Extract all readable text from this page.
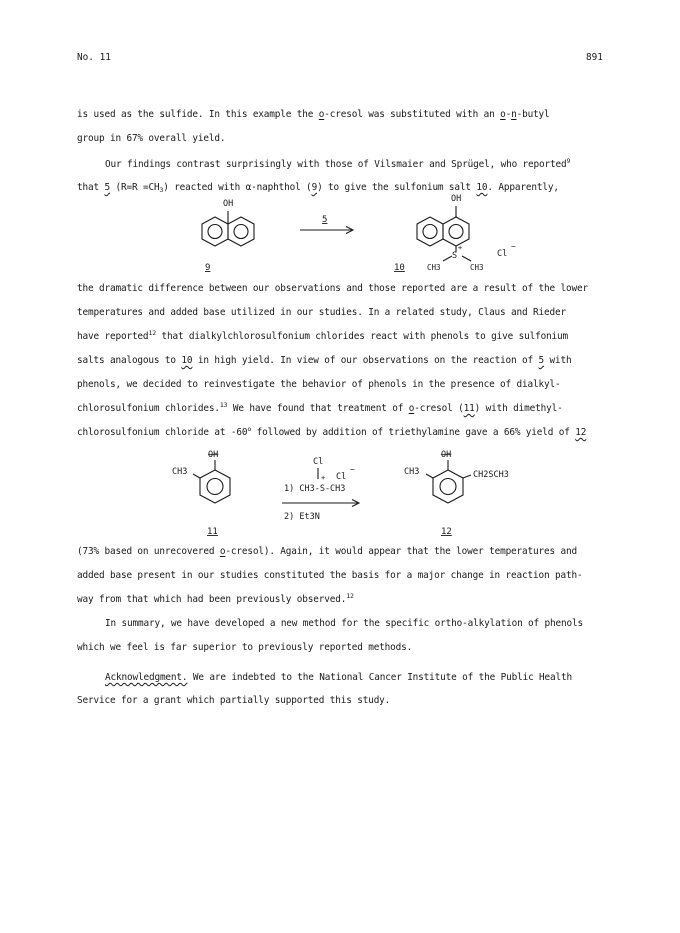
No. 11	891
is used as the sulfide. In this example the o-cresol was substituted with an o-n-butyl
group in 67% overall yield.
Our findings contrast surprisingly with those of Vilsmaier and Sprügel, who reported$^9$
that 5 $(R=R =CH_3)$ reacted with α-naphthol (9) to give the sulfonium salt 10. Apparently,
OH
5
OH
S
+
Cl
−
CH3	CH3
9	10
the dramatic difference between our observations and those reported are a result of the lower
temperatures and added base utilized in our studies. In a related study, Claus and Rieder
have reported$^{12}$ that dialkylchlorosulfonium chlorides react with phenols to give sulfonium
salts analogous to 10 in high yield. In view of our observations on the reaction of 5 with
phenols, we decided to reinvestigate the behavior of phenols in the presence of dialkyl-
chlorosulfonium chlorides.$^{13}$ We have found that treatment of o-cresol (11) with dimethyl-
chlorosulfonium chloride at -60$^o$ followed by addition of triethylamine gave a 66% yield of 12
OH
CH3
Cl
+
1) CH3-S-CH3
Cl
−
2) Et3N
OH
CH3	CH2SCH3
11	12
(73% based on unrecovered o-cresol). Again, it would appear that the lower temperatures and
added base present in our studies constituted the basis for a major change in reaction path-
way from that which had been previously observed.$^{12}$
In summary, we have developed a new method for the specific ortho-alkylation of phenols
which we feel is far superior to previously reported methods.
Acknowledgment. We are indebted to the National Cancer Institute of the Public Health
Service for a grant which partially supported this study.
